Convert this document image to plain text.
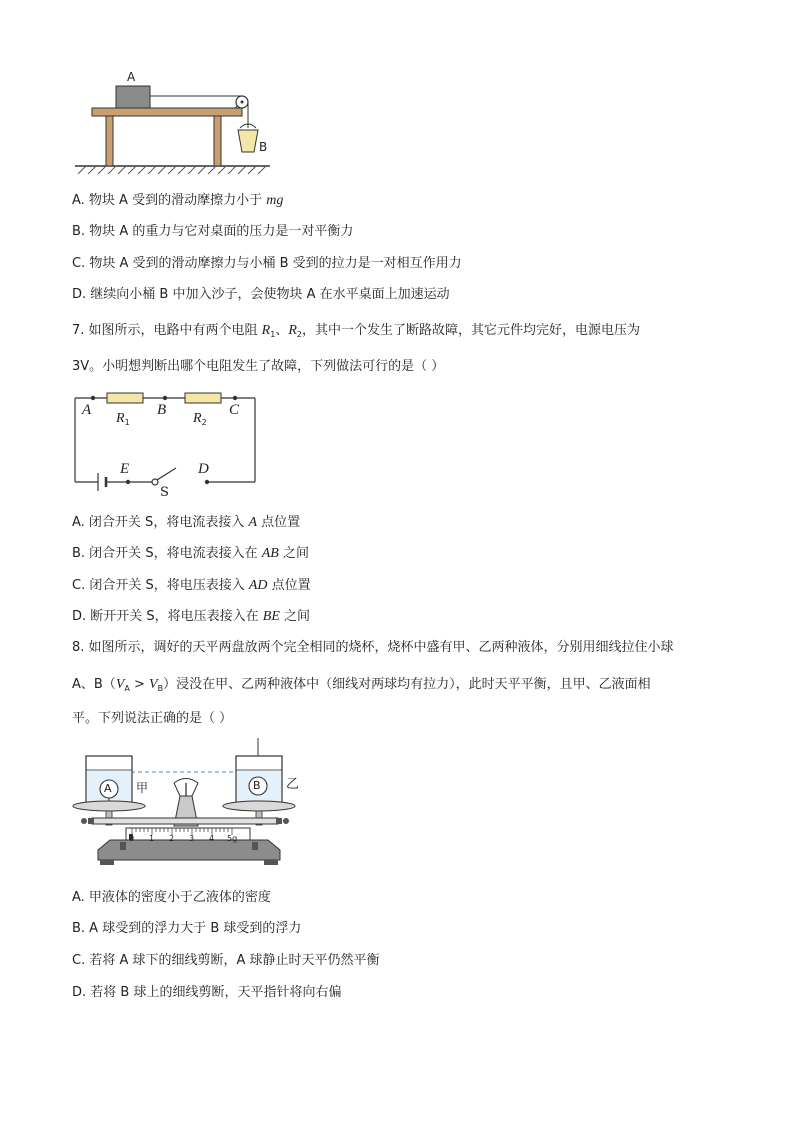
A
B
A. 物块 A 受到的滑动摩擦力小于 mg
B. 物块 A 的重力与它对桌面的压力是一对平衡力
C. 物块 A 受到的滑动摩擦力与小桶 B 受到的拉力是一对相互作用力
D. 继续向小桶 B 中加入沙子，会使物块 A 在水平桌面上加速运动
7. 如图所示，电路中有两个电阻 $R_1$、$R_2$，其中一个发生了断路故障，其它元件均完好，电源电压为
3V。小明想判断出哪个电阻发生了故障，下列做法可行的是（ ）
A	B	C
$R_1$	$R_2$
E	D
S
A. 闭合开关 S，将电流表接入 A 点位置
B. 闭合开关 S，将电流表接入在 AB 之间
C. 闭合开关 S，将电压表接入 AD 点位置
D. 断开开关 S，将电压表接入在 BE 之间
8. 如图所示，调好的天平两盘放两个完全相同的烧杯，烧杯中盛有甲、乙两种液体，分别用细线拉住小球
A、$B(V_A > V_B)$浸没在甲、乙两种液体中（细线对两球均有拉力），此时天平平衡，且甲、乙液面相
平。下列说法正确的是（ ）
A	B
甲	乙
0 1 2 3 4 5g
A. 甲液体的密度小于乙液体的密度
B. A 球受到的浮力大于 B 球受到的浮力
C. 若将 A 球下的细线剪断，A 球静止时天平仍然平衡
D. 若将 B 球上的细线剪断，天平指针将向右偏
